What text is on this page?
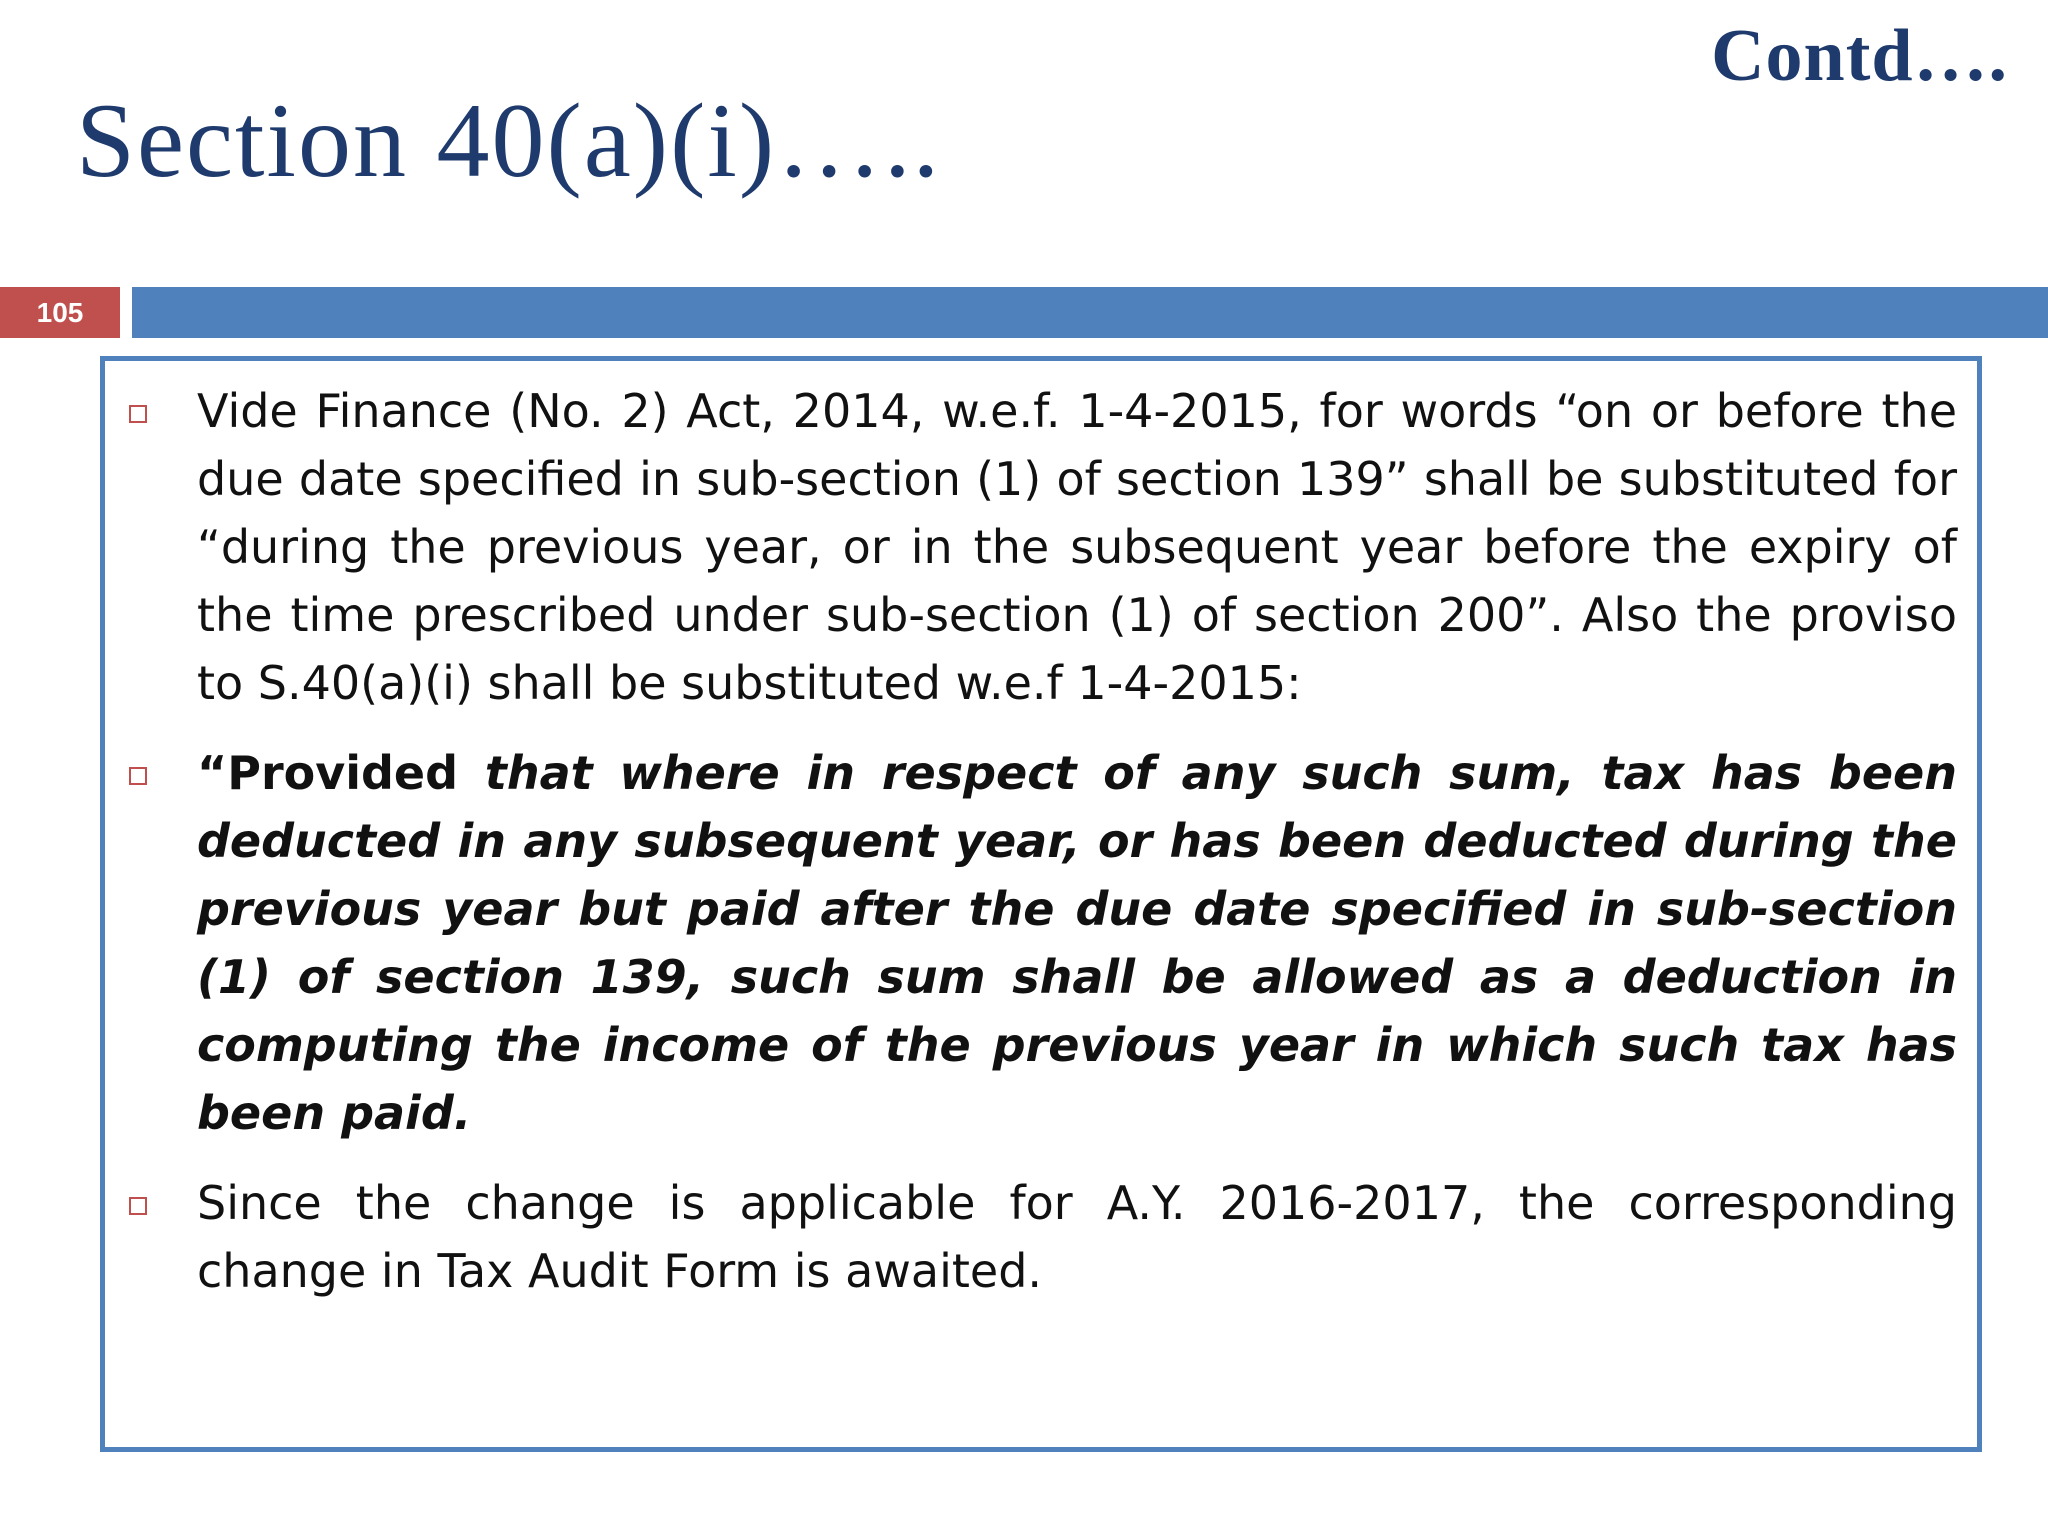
Contd….
Section 40(a)(i)…..
105

Vide Finance (No. 2) Act, 2014, w.e.f. 1-4-2015, for words “on or before the due date specified in sub-section (1) of section 139” shall be substituted for “during the previous year, or in the subsequent year before the expiry of the time prescribed under sub-section (1) of section 200”. Also the proviso to S.40(a)(i) shall be substituted w.e.f 1-4-2015:

“Provided that where in respect of any such sum, tax has been deducted in any subsequent year, or has been deducted during the previous year but paid after the due date specified in sub-section (1) of section 139, such sum shall be allowed as a deduction in computing the income of the previous year in which such tax has been paid.

Since the change is applicable for A.Y. 2016-2017, the corresponding change in Tax Audit Form is awaited.
